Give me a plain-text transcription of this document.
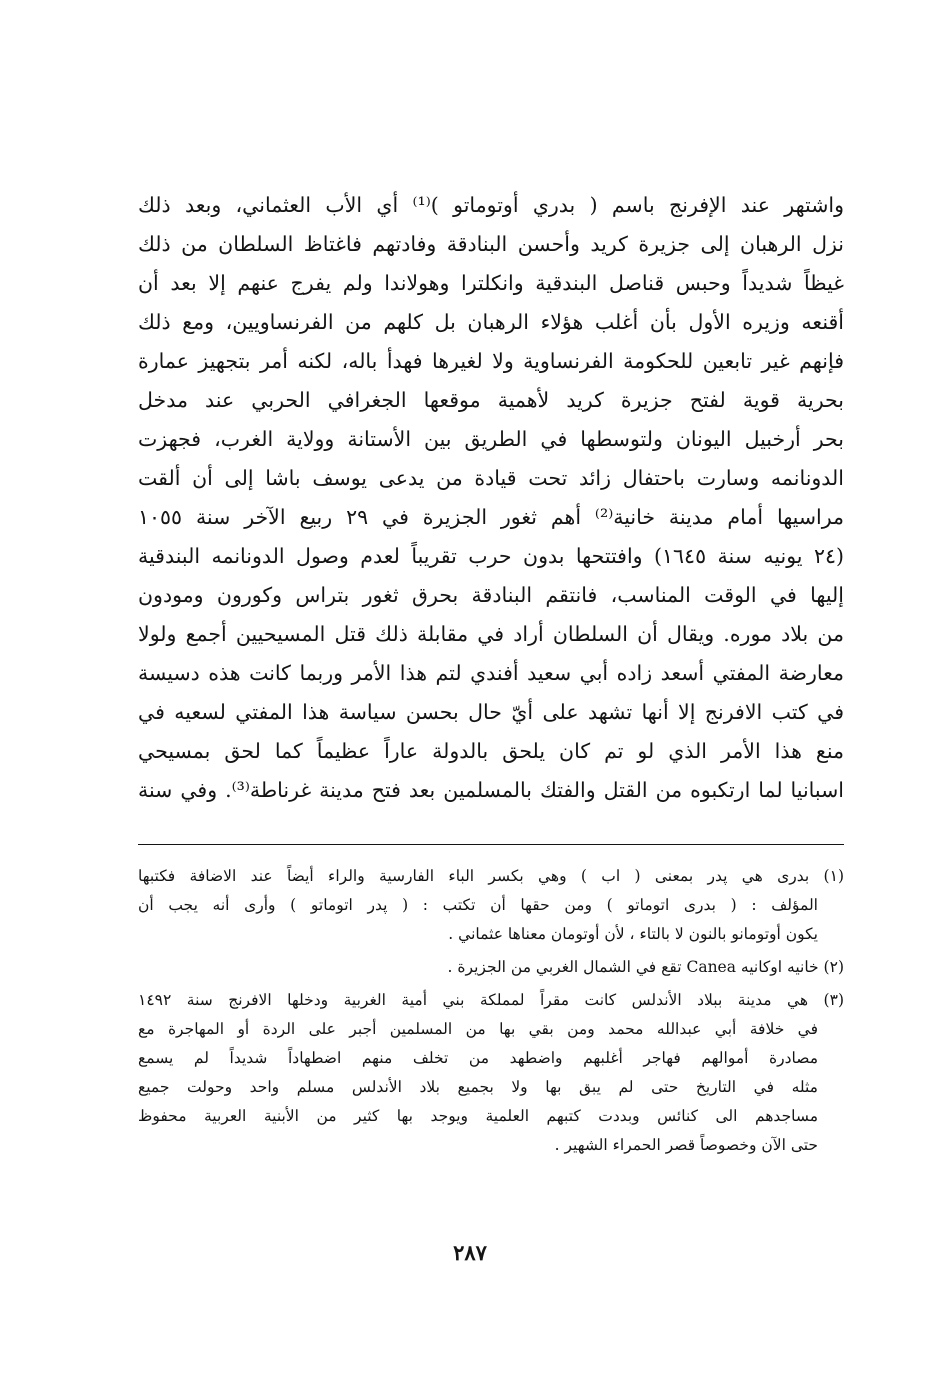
واشتهر عند الإفرنج باسم ( بدري أوتوماتو )⁽¹⁾ أي الأب العثماني، وبعد ذلك
نزل الرهبان إلى جزيرة كريد وأحسن البنادقة وفادتهم فاغتاظ السلطان من ذلك
غيظاً شديداً وحبس قناصل البندقية وانكلترا وهولاندا ولم يفرج عنهم إلا بعد أن
أقنعه وزيره الأول بأن أغلب هؤلاء الرهبان بل كلهم من الفرنساويين، ومع ذلك
فإنهم غير تابعين للحكومة الفرنساوية ولا لغيرها فهدأ باله، لكنه أمر بتجهيز عمارة
بحرية قوية لفتح جزيرة كريد لأهمية موقعها الجغرافي الحربي عند مدخل
بحر أرخبيل اليونان ولتوسطها في الطريق بين الأستانة وولاية الغرب، فجهزت
الدونانمه وسارت باحتفال زائد تحت قيادة من يدعى يوسف باشا إلى أن ألقت
مراسيها أمام مدينة خانية⁽²⁾ أهم ثغور الجزيرة في ٢٩ ربيع الآخر سنة ١٠٥٥
(٢٤ يونيه سنة ١٦٤٥) وافتتحها بدون حرب تقريباً لعدم وصول الدونانمه البندقية
إليها في الوقت المناسب، فانتقم البنادقة بحرق ثغور بتراس وكورون ومودون
من بلاد موره. ويقال أن السلطان أراد في مقابلة ذلك قتل المسيحيين أجمع ولولا
معارضة المفتي أسعد زاده أبي سعيد أفندي لتم هذا الأمر وربما كانت هذه دسيسة
في كتب الافرنج إلا أنها تشهد على أيّ حال بحسن سياسة هذا المفتي لسعيه في
منع هذا الأمر الذي لو تم كان يلحق بالدولة عاراً عظيماً كما لحق بمسيحي
اسبانيا لما ارتكبوه من القتل والفتك بالمسلمين بعد فتح مدينة غرناطة⁽³⁾. وفي سنة
(١) بدرى هي پدر بمعنى ( اب ) وهي بكسر الباء الفارسية والراء أيضاً عند الاضافة فكتبها
المؤلف : ( بدرى اتوماتو ) ومن حقها أن تكتب : ( پدر اتوماتو ) وأرى أنه يجب أن
يكون أوتومانو بالنون لا بالتاء ، لأن أوتومان معناها عثماني .
(٢) خانيه اوكانيه Canea تقع في الشمال الغربي من الجزيرة .
(٣) هي مدينة ببلاد الأندلس كانت مقراً لمملكة بني أمية الغربية ودخلها الافرنج سنة ١٤٩٢
في خلافة أبي عبدالله محمد ومن بقي بها من المسلمين أجبر على الردة أو المهاجرة مع
مصادرة أموالهم فهاجر أغلبهم واضطهد من تخلف منهم اضطهاداً شديداً لم يسمع
مثله في التاريخ حتى لم يبق بها ولا بجميع بلاد الأندلس مسلم واحد وحولت جميع
مساجدهم الى كنائس وبددت كتبهم العلمية ويوجد بها كثير من الأبنية العربية محفوظ
حتى الآن وخصوصاً قصر الحمراء الشهير .
٢٨٧
